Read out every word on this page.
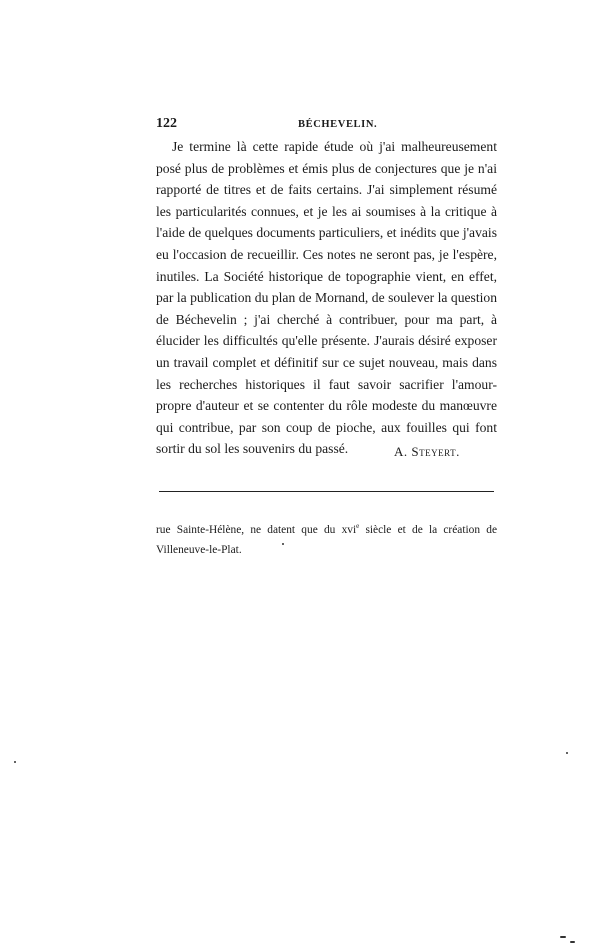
122	BÉCHEVELIN.

Je termine là cette rapide étude où j'ai malheureusement posé plus de problèmes et émis plus de conjectures que je n'ai rapporté de titres et de faits certains. J'ai simplement résumé les particularités connues, et je les ai soumises à la critique à l'aide de quelques documents particuliers, et inédits que j'avais eu l'occasion de recueillir. Ces notes ne seront pas, je l'espère, inutiles. La Société historique de topographie vient, en effet, par la publication du plan de Mornand, de soulever la question de Béchevelin ; j'ai cherché à contribuer, pour ma part, à élucider les difficultés qu'elle présente. J'aurais désiré exposer un travail complet et définitif sur ce sujet nouveau, mais dans les recherches historiques il faut savoir sacrifier l'amour-propre d'auteur et se contenter du rôle modeste du manœuvre qui contribue, par son coup de pioche, aux fouilles qui font sortir du sol les souvenirs du passé.	A. Steyert.

rue Sainte-Hélène, ne datent que du xvi$^e$ siècle et de la création de Villeneuve-le-Plat.
